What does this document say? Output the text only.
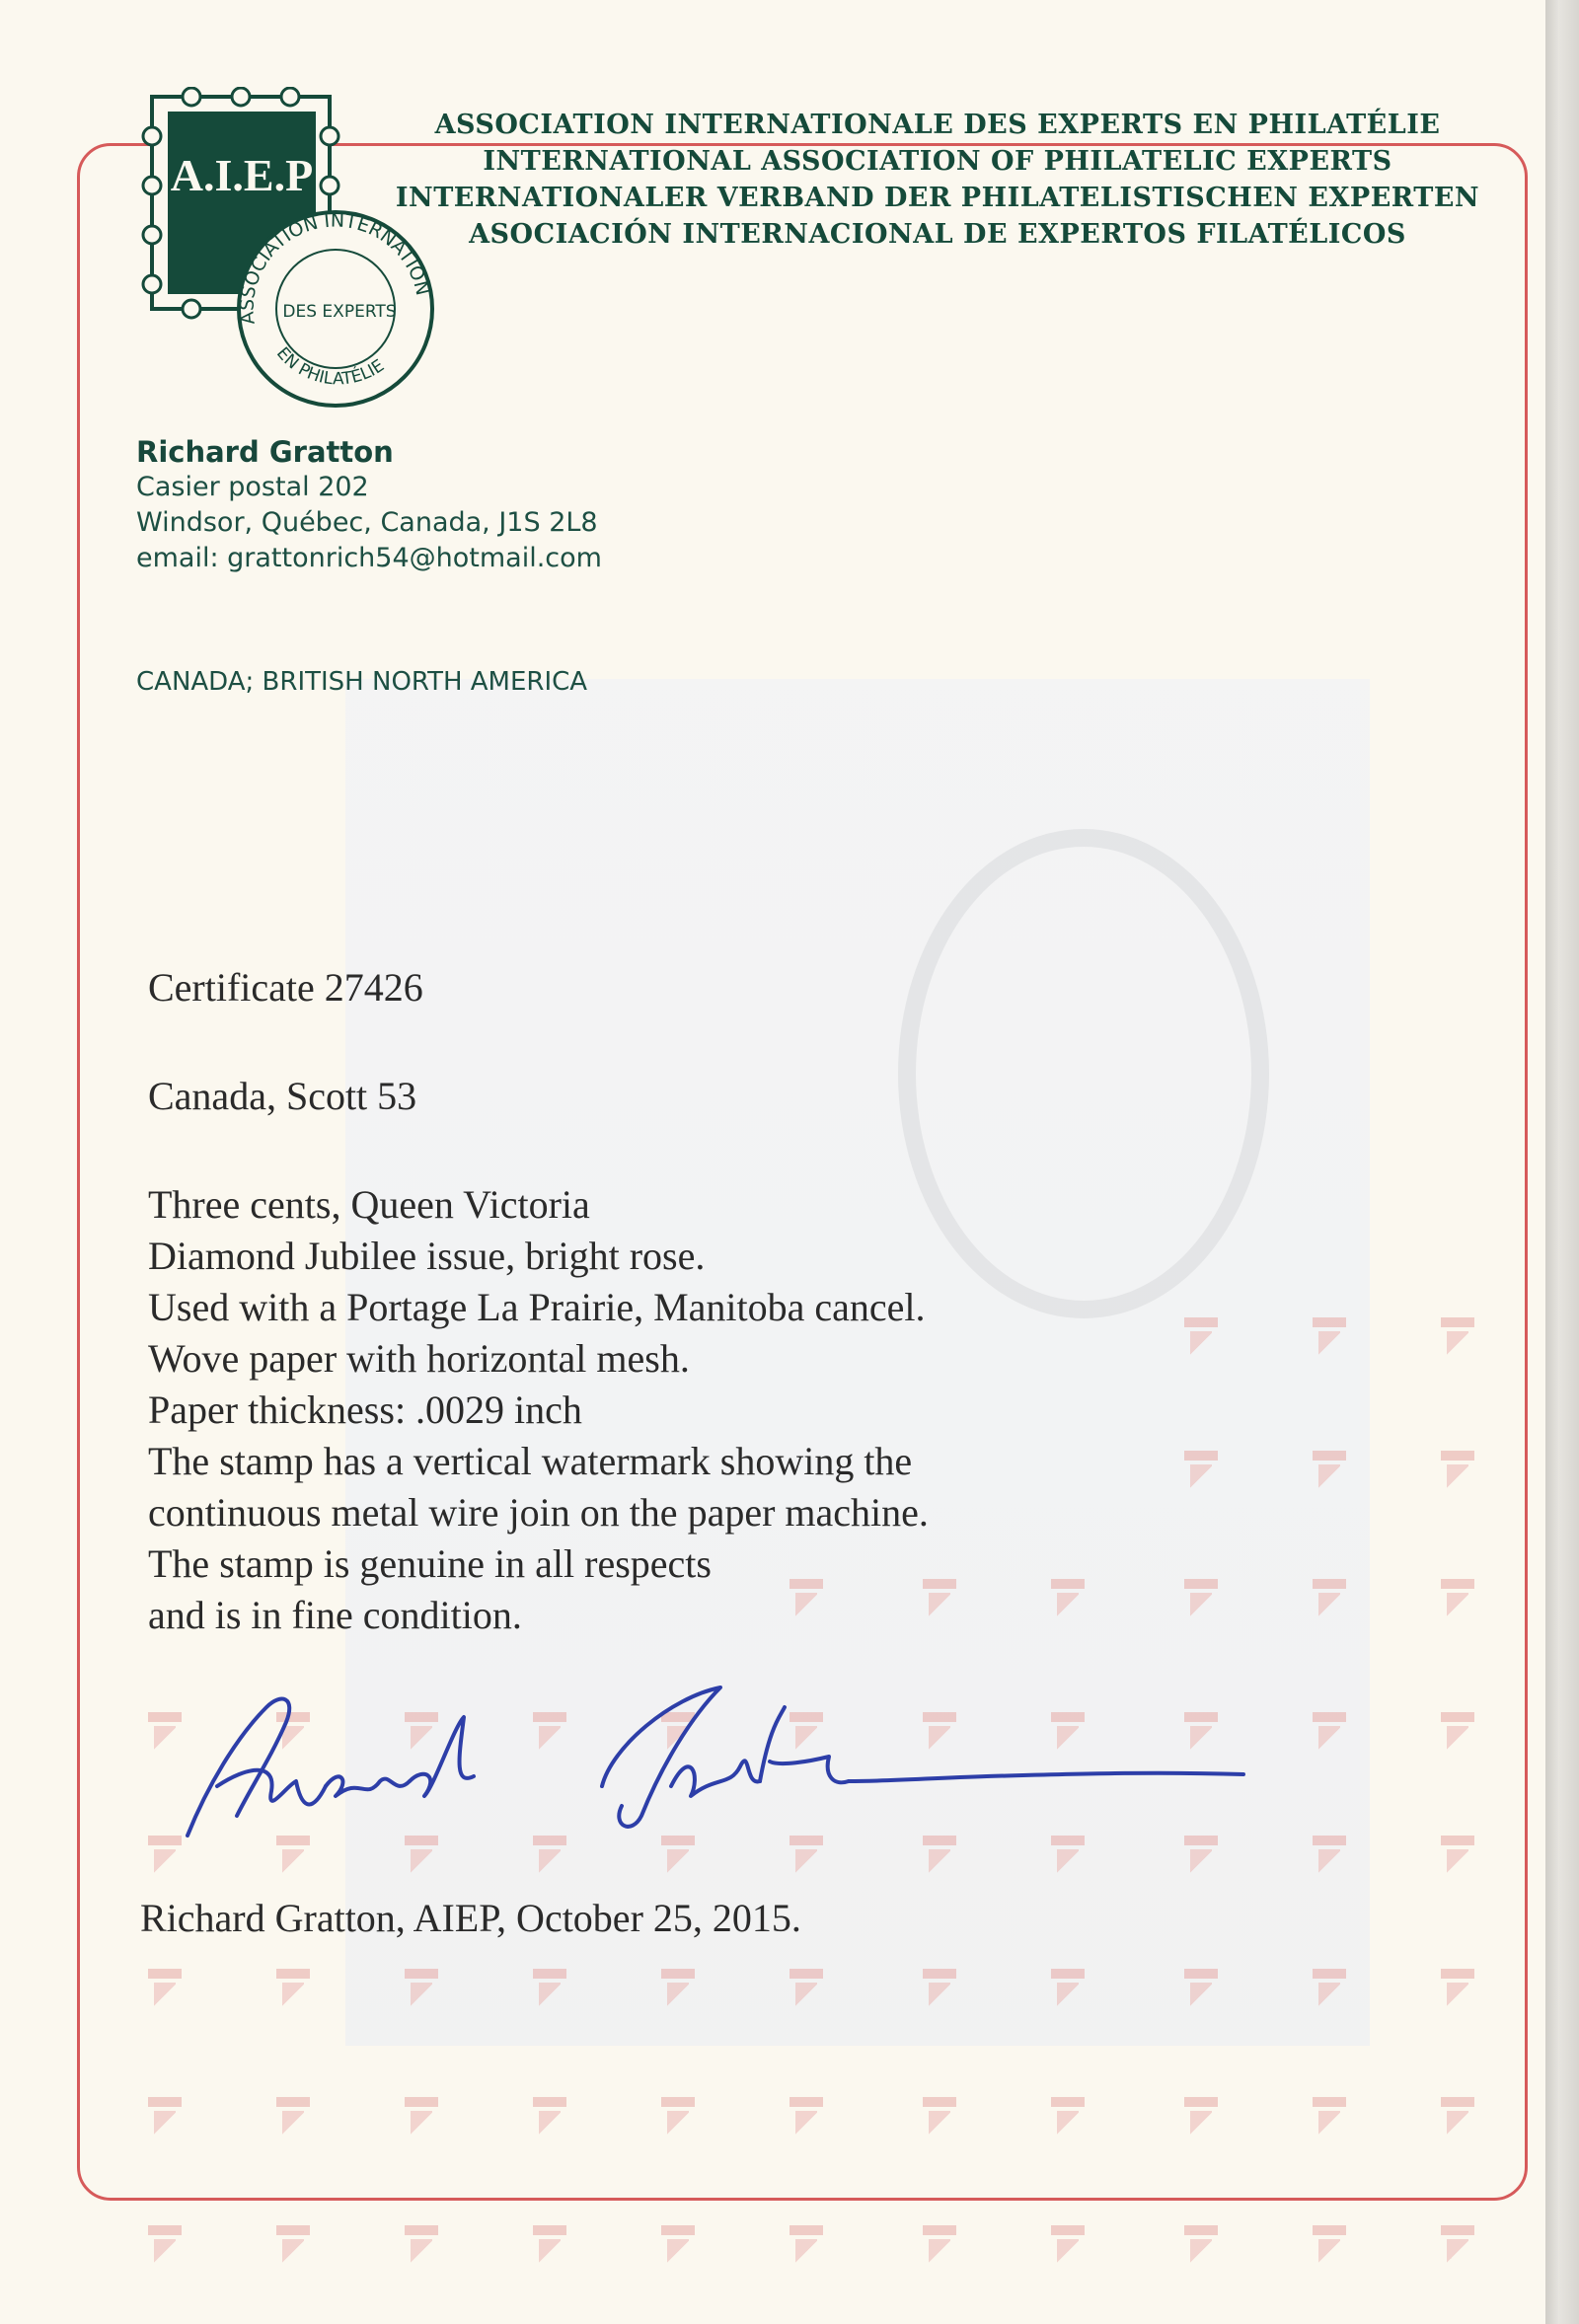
A.I.E.P
ASSOCIATION INTERNATION
DES EXPERTS
EN PHILATÉLIE
ASSOCIATION INTERNATIONALE DES EXPERTS EN PHILATÉLIE
INTERNATIONAL ASSOCIATION OF PHILATELIC EXPERTS
INTERNATIONALER VERBAND DER PHILATELISTISCHEN EXPERTEN
ASOCIACIÓN INTERNACIONAL DE EXPERTOS FILATÉLICOS
Richard Gratton
Casier postal 202
Windsor, Québec, Canada, J1S 2L8
email: grattonrich54@hotmail.com
CANADA; BRITISH NORTH AMERICA
Certificate 27426
Canada, Scott 53
Three cents, Queen Victoria
Diamond Jubilee issue, bright rose.
Used with a Portage La Prairie, Manitoba cancel.
Wove paper with horizontal mesh.
Paper thickness: .0029 inch
The stamp has a vertical watermark showing the
continuous metal wire join on the paper machine.
The stamp is genuine in all respects
and is in fine condition.
Richard Gratton, AIEP, October 25, 2015.
